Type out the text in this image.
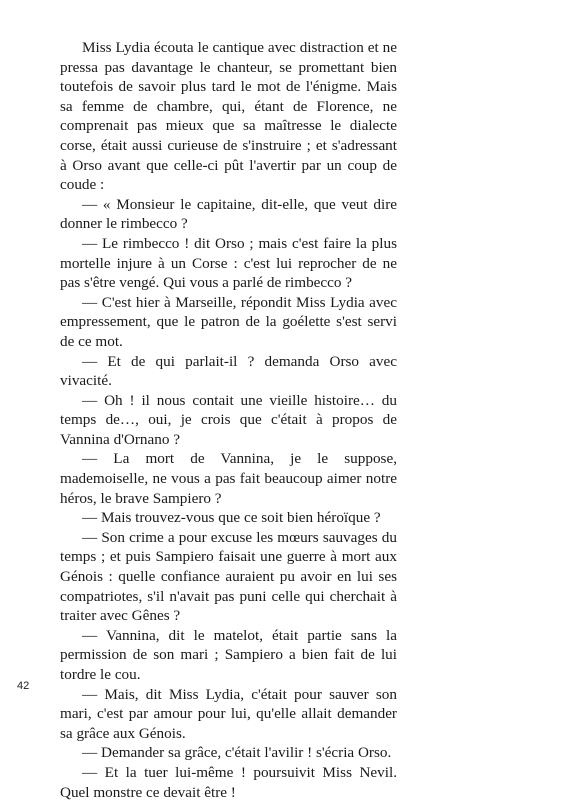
Miss Lydia écouta le cantique avec distraction et ne pressa pas davantage le chanteur, se promettant bien toutefois de savoir plus tard le mot de l'énigme. Mais sa femme de chambre, qui, étant de Florence, ne comprenait pas mieux que sa maîtresse le dialecte corse, était aussi curieuse de s'instruire ; et s'adressant à Orso avant que celle-ci pût l'avertir par un coup de coude :

— « Monsieur le capitaine, dit-elle, que veut dire donner le rimbecco ?

— Le rimbecco ! dit Orso ; mais c'est faire la plus mortelle injure à un Corse : c'est lui reprocher de ne pas s'être vengé. Qui vous a parlé de rimbecco ?

— C'est hier à Marseille, répondit Miss Lydia avec empressement, que le patron de la goélette s'est servi de ce mot.

— Et de qui parlait-il ? demanda Orso avec vivacité.

— Oh ! il nous contait une vieille histoire… du temps de…, oui, je crois que c'était à propos de Vannina d'Ornano ?

— La mort de Vannina, je le suppose, mademoiselle, ne vous a pas fait beaucoup aimer notre héros, le brave Sampiero ?

— Mais trouvez-vous que ce soit bien héroïque ?

— Son crime a pour excuse les mœurs sauvages du temps ; et puis Sampiero faisait une guerre à mort aux Génois : quelle confiance auraient pu avoir en lui ses compatriotes, s'il n'avait pas puni celle qui cherchait à traiter avec Gênes ?

— Vannina, dit le matelot, était partie sans la permission de son mari ; Sampiero a bien fait de lui tordre le cou.

— Mais, dit Miss Lydia, c'était pour sauver son mari, c'est par amour pour lui, qu'elle allait demander sa grâce aux Génois.

— Demander sa grâce, c'était l'avilir ! s'écria Orso.

— Et la tuer lui-même ! poursuivit Miss Nevil. Quel monstre ce devait être !

42
